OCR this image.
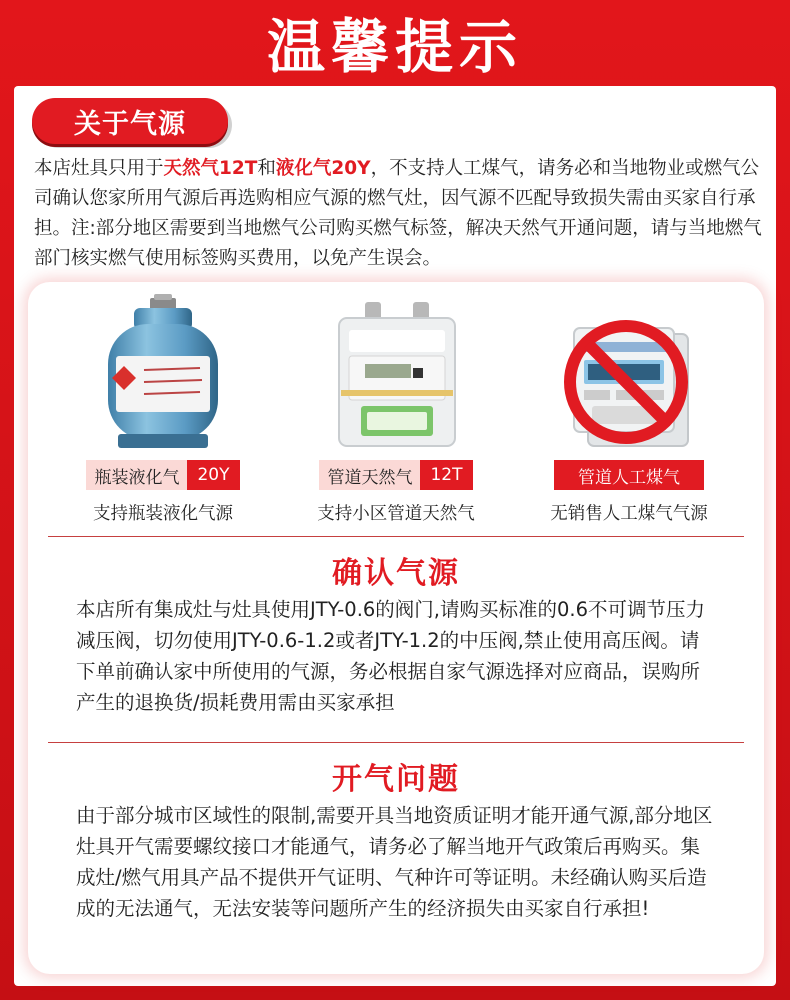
温馨提示
关于气源

本店灶具只用于天然气12T和液化气20Y，不支持人工煤气，请务必和当地物业或燃气公司确认您家所用气源后再选购相应气源的燃气灶，因气源不匹配导致损失需由买家自行承担。注:部分地区需要到当地燃气公司购买燃气标签，解决天然气开通问题，请与当地燃气部门核实燃气使用标签购买费用，以免产生误会。

瓶装液化气	20Y
支持瓶装液化气源
管道天然气	12T
支持小区管道天然气
管道人工煤气
无销售人工煤气气源
确认气源

本店所有集成灶与灶具使用JTY-0.6的阀门,请购买标准的0.6不可调节压力减压阀，切勿使用JTY-0.6-1.2或者JTY-1.2的中压阀,禁止使用高压阀。请下单前确认家中所使用的气源，务必根据自家气源选择对应商品，误购所产生的退换货/损耗费用需由买家承担

开气问题

由于部分城市区域性的限制,需要开具当地资质证明才能开通气源,部分地区灶具开气需要螺纹接口才能通气，请务必了解当地开气政策后再购买。集成灶/燃气用具产品不提供开气证明、气种许可等证明。未经确认购买后造成的无法通气，无法安装等问题所产生的经济损失由买家自行承担!
